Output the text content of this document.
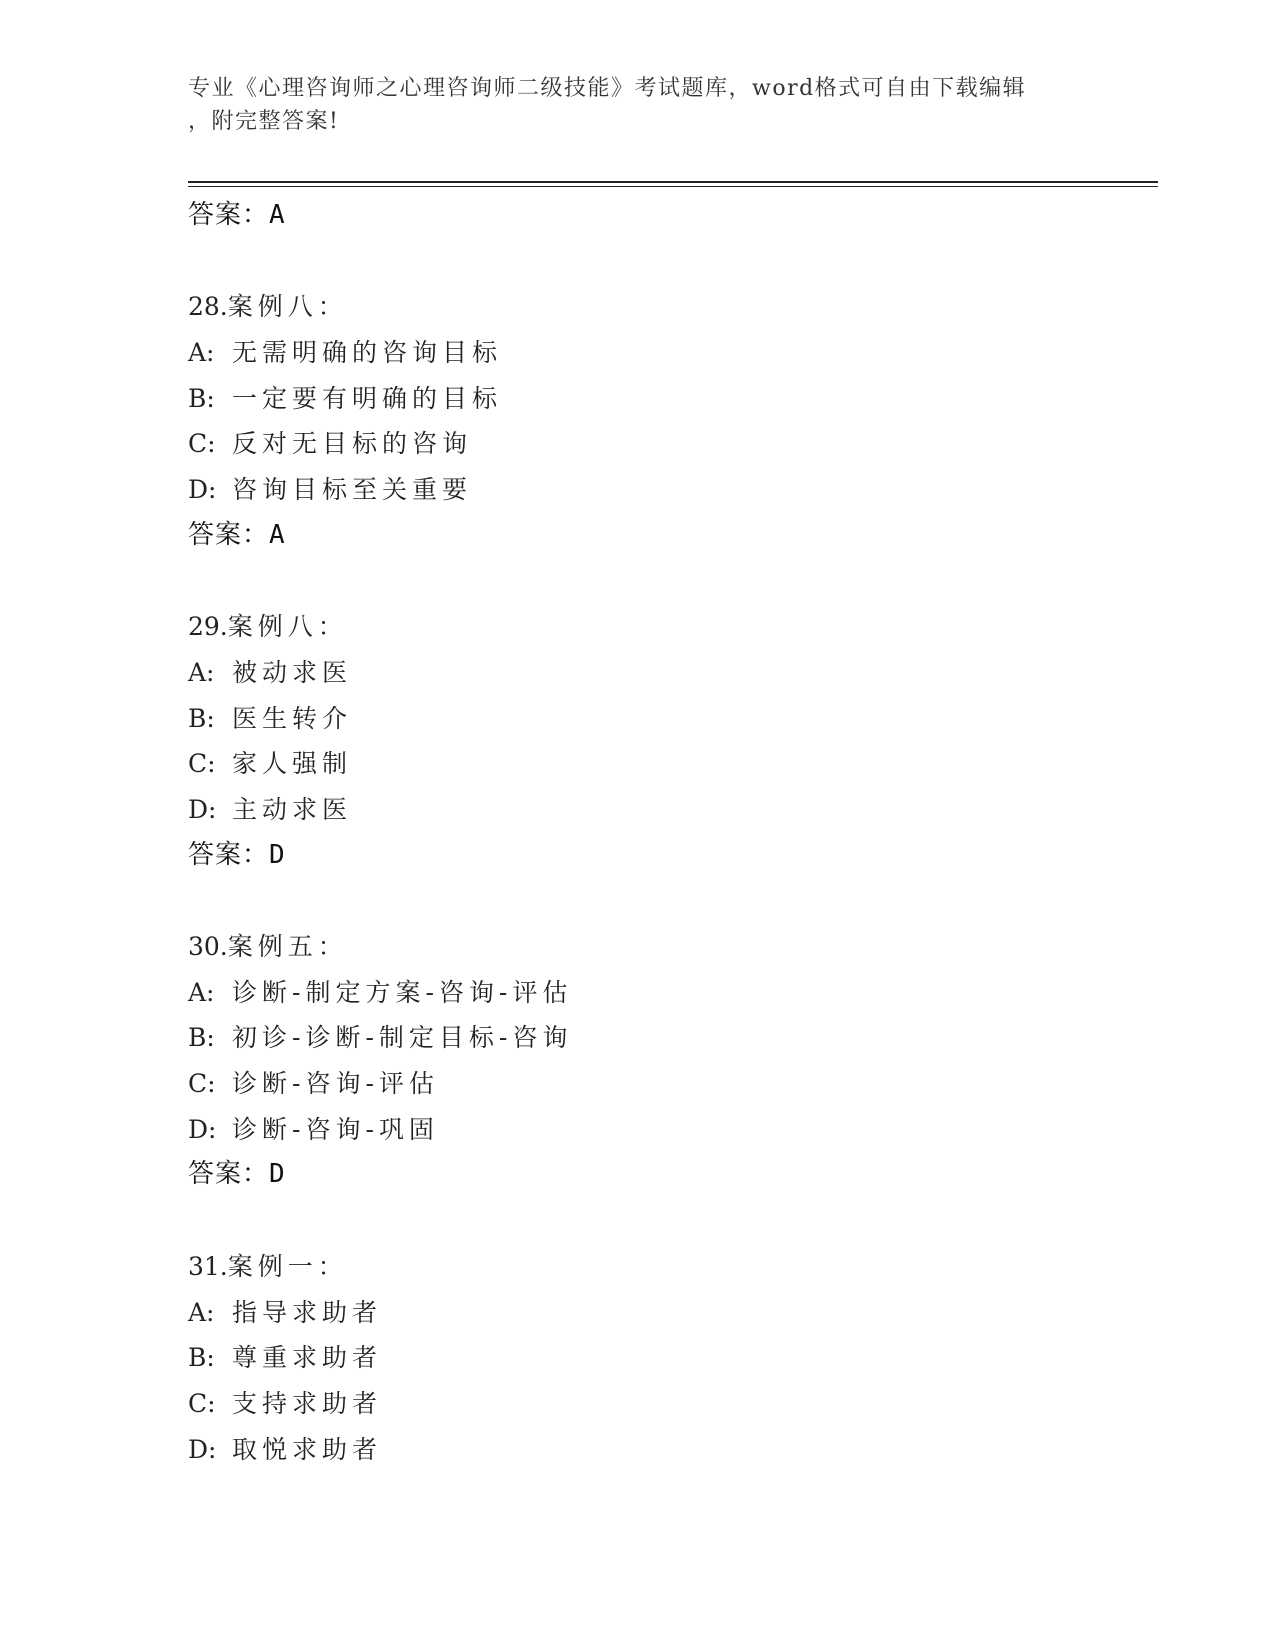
专业《心理咨询师之心理咨询师二级技能》考试题库，word格式可自由下载编辑
，附完整答案!
答案：A
28.案例八：
A: 无需明确的咨询目标
B: 一定要有明确的目标
C: 反对无目标的咨询
D: 咨询目标至关重要
答案：A
29.案例八：
A: 被动求医
B: 医生转介
C: 家人强制
D: 主动求医
答案：D
30.案例五：
A: 诊断-制定方案-咨询-评估
B: 初诊-诊断-制定目标-咨询
C: 诊断-咨询-评估
D: 诊断-咨询-巩固
答案：D
31.案例一：
A: 指导求助者
B: 尊重求助者
C: 支持求助者
D: 取悦求助者
